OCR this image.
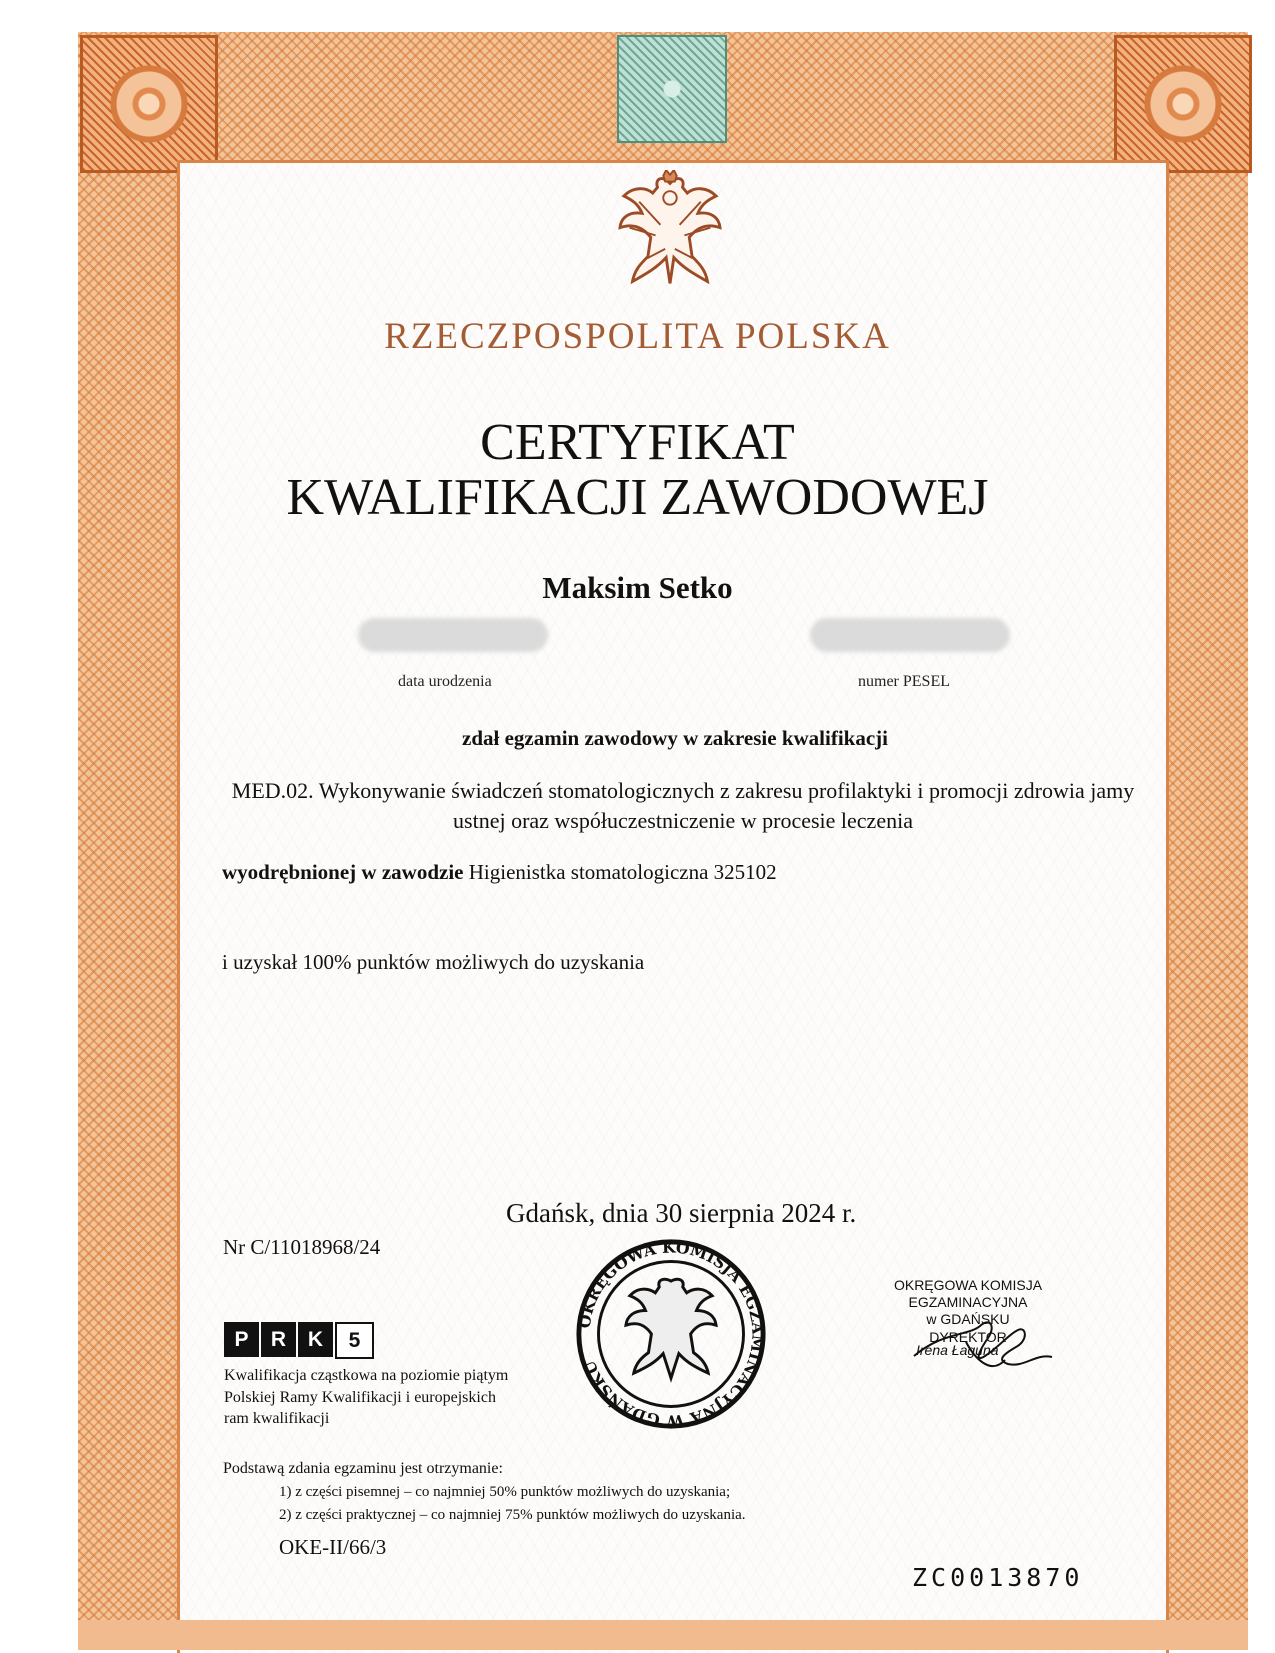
RZECZPOSPOLITA POLSKA
CERTYFIKAT
KWALIFIKACJI ZAWODOWEJ
Maksim Setko
data urodzenia	numer PESEL
zdał egzamin zawodowy w zakresie kwalifikacji
MED.02. Wykonywanie świadczeń stomatologicznych z zakresu profilaktyki i promocji zdrowia jamy ustnej oraz współuczestniczenie w procesie leczenia
wyodrębnionej w zawodzie Higienistka stomatologiczna 325102
i uzyskał 100% punktów możliwych do uzyskania
Gdańsk, dnia 30 sierpnia 2024 r.
Nr C/11018968/24
P	R	K	5
Kwalifikacja cząstkowa na poziomie piątym Polskiej Ramy Kwalifikacji i europejskich ram kwalifikacji
OKRĘGOWA KOMISJA EGZAMINACYJNA W GDAŃSKU
OKRĘGOWA KOMISJA EGZAMINACYJNA
w GDAŃSKU
DYREKTOR
Irena Łaguna
Podstawą zdania egzaminu jest otrzymanie:
1) z części pisemnej – co najmniej 50% punktów możliwych do uzyskania;
2) z części praktycznej – co najmniej 75% punktów możliwych do uzyskania.
OKE-II/66/3
ZC0013870
